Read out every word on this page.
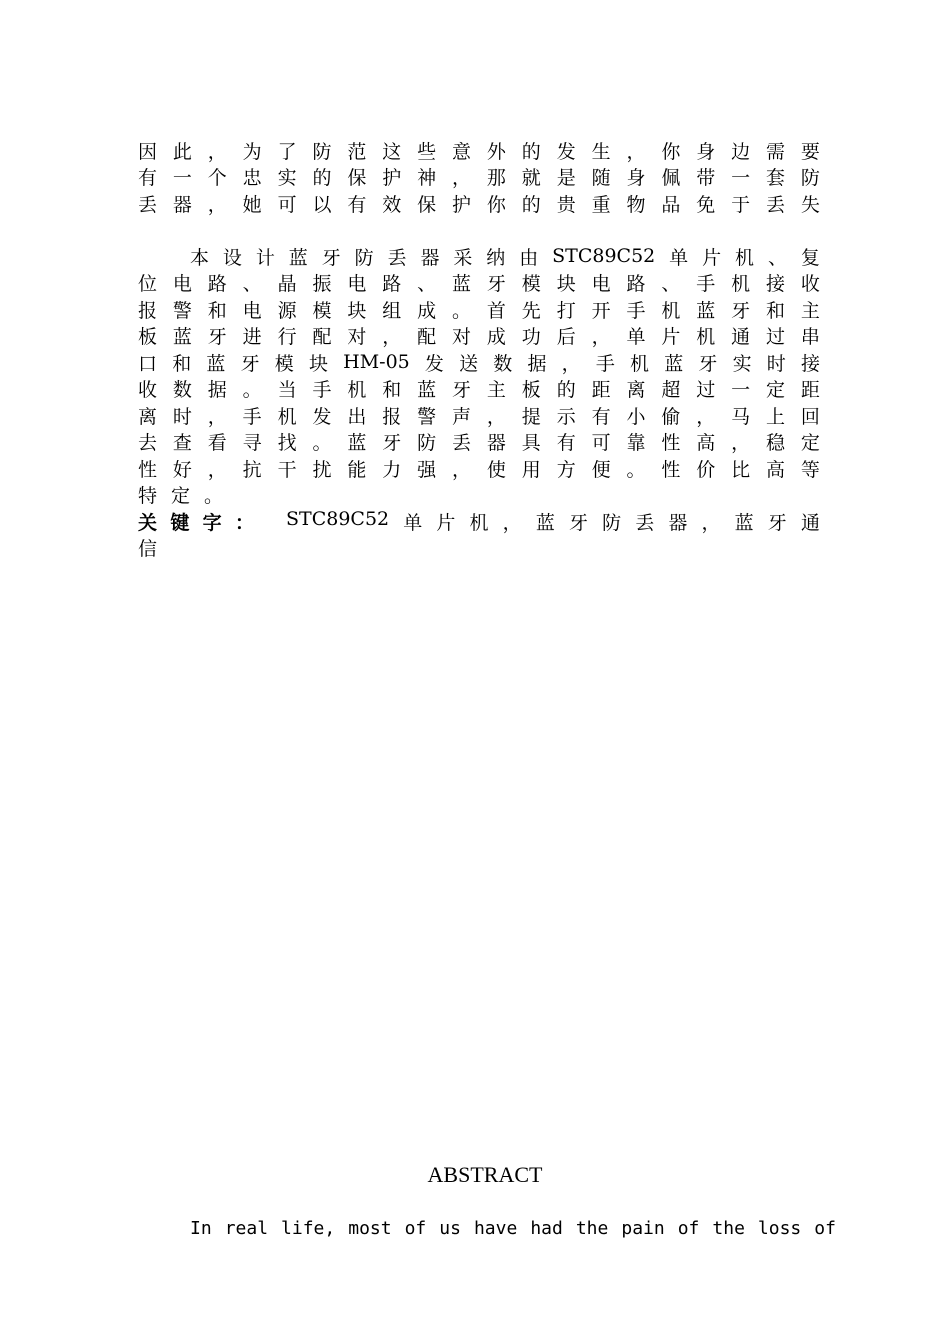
因 此 ， 为 了 防 范 这 些 意 外 的 发 生 ， 你 身 边 需 要
有 一 个 忠 实 的 保 护 神 ， 那 就 是 随 身 佩 带 一 套 防
丢 器 ， 她 可 以 有 效 保 护 你 的 贵 重 物 品 免 于 丢 失
本 设 计 蓝 牙 防 丢 器 采 纳 由 STC89C52 单 片 机 、 复
位 电 路 、 晶 振 电 路 、 蓝 牙 模 块 电 路 、 手 机 接 收
报 警 和 电 源 模 块 组 成 。 首 先 打 开 手 机 蓝 牙 和 主
板 蓝 牙 进 行 配 对 ， 配 对 成 功 后 ， 单 片 机 通 过 串
口 和 蓝 牙 模 块 HM-05 发 送 数 据 ， 手 机 蓝 牙 实 时 接
收 数 据 。 当 手 机 和 蓝 牙 主 板 的 距 离 超 过 一 定 距
离 时 ， 手 机 发 出 报 警 声 ， 提 示 有 小 偷 ， 马 上 回
去 查 看 寻 找 。 蓝 牙 防 丢 器 具 有 可 靠 性 高 ， 稳 定
性 好 ， 抗 干 扰 能 力 强 ， 使 用 方 便 。 性 价 比 高 等
特 定 。
关 键 字 ： STC89C52 单 片 机 ， 蓝 牙 防 丢 器 ， 蓝 牙 通
信
ABSTRACT
In real life, most of us have had the pain of the loss of
